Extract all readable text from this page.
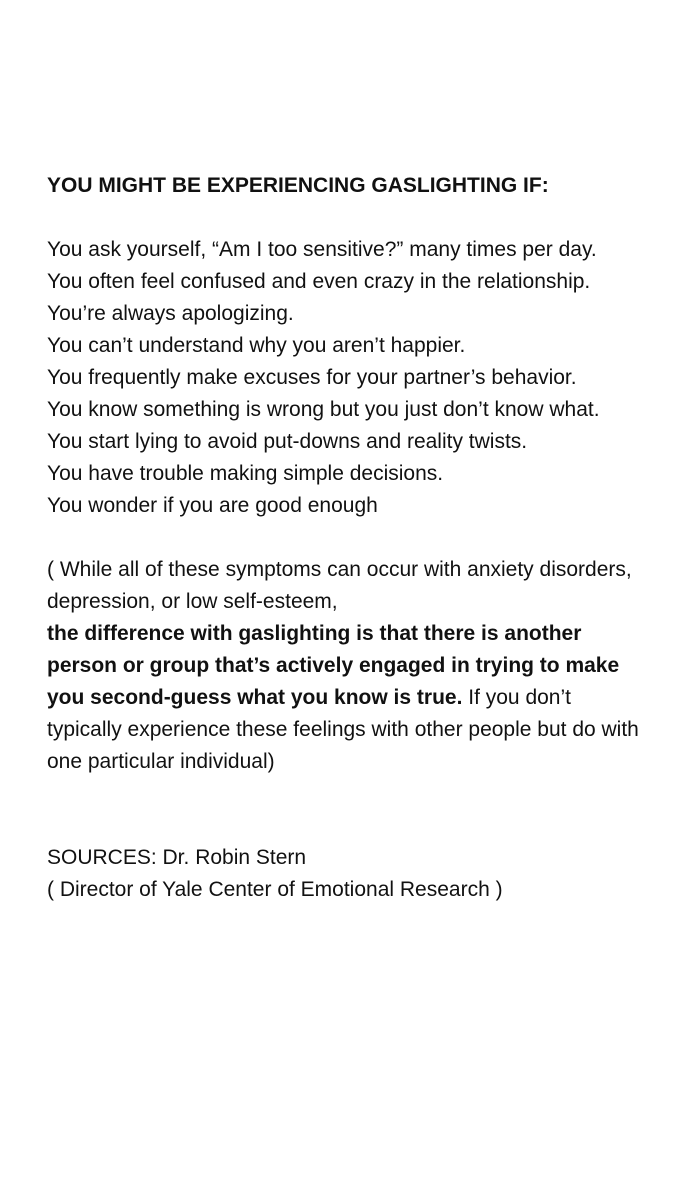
YOU MIGHT BE EXPERIENCING GASLIGHTING IF:
You ask yourself, “Am I too sensitive?” many times per day.
You often feel confused and even crazy in the relationship.
You’re always apologizing.
You can’t understand why you aren’t happier.
You frequently make excuses for your partner’s behavior.
You know something is wrong but you just don’t know what.
You start lying to avoid put-downs and reality twists.
You have trouble making simple decisions.
You wonder if you are good enough

( While all of these symptoms can occur with anxiety disorders, depression, or low self-esteem,
the difference with gaslighting is that there is another person or group that’s actively engaged in trying to make you second-guess what you know is true. If you don’t typically experience these feelings with other people but do with one particular individual)

SOURCES: Dr. Robin Stern
( Director of Yale Center of Emotional Research )
